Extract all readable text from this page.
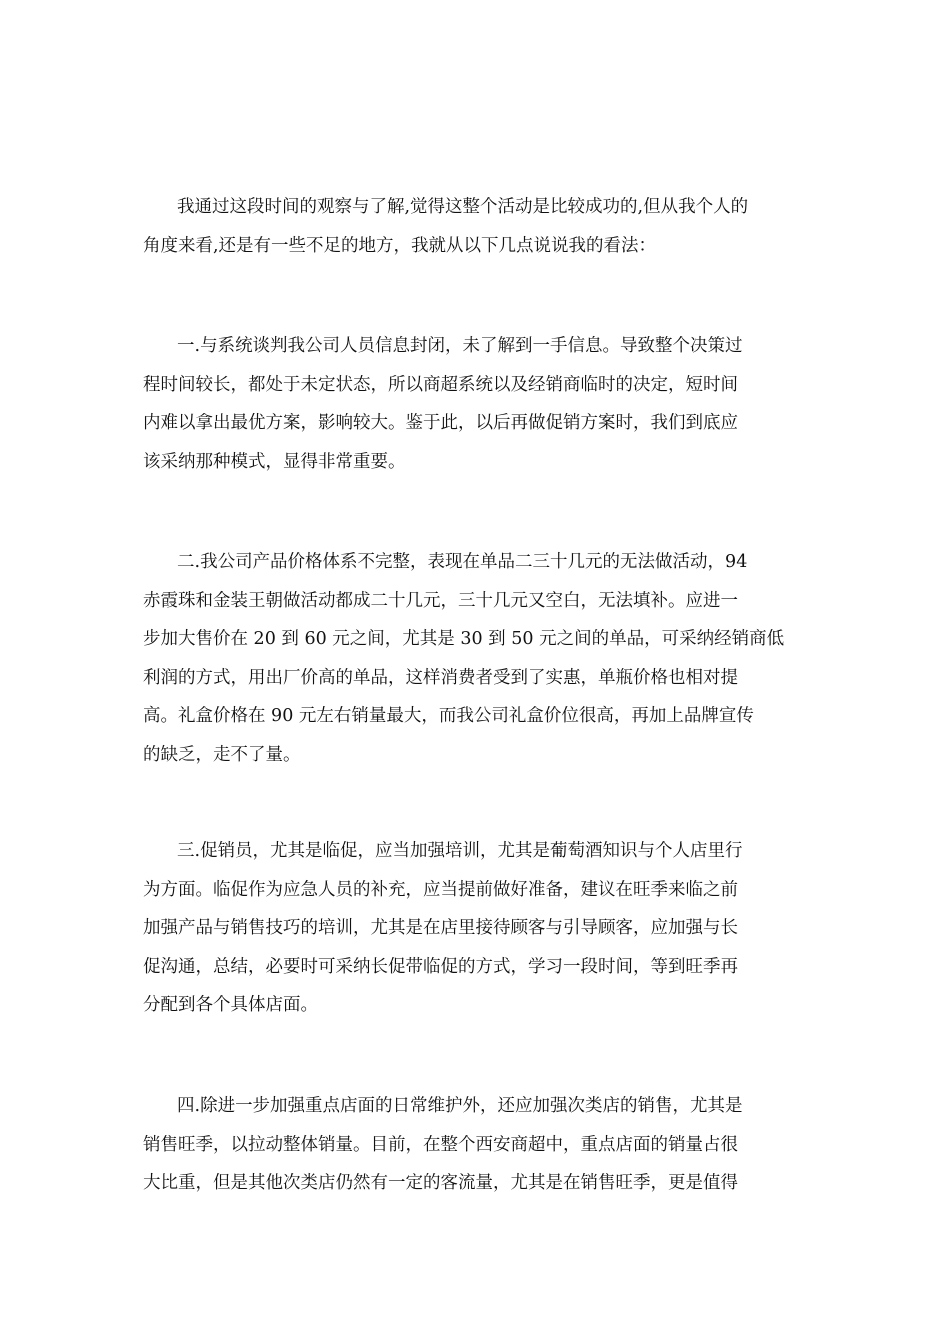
我通过这段时间的观察与了解,觉得这整个活动是比较成功的,但从我个人的
角度来看,还是有一些不足的地方，我就从以下几点说说我的看法：
一.与系统谈判我公司人员信息封闭，未了解到一手信息。导致整个决策过
程时间较长，都处于未定状态，所以商超系统以及经销商临时的决定，短时间
内难以拿出最优方案，影响较大。鉴于此，以后再做促销方案时，我们到底应
该采纳那种模式，显得非常重要。
二.我公司产品价格体系不完整，表现在单品二三十几元的无法做活动，94
赤霞珠和金装王朝做活动都成二十几元，三十几元又空白，无法填补。应进一
步加大售价在 20 到 60 元之间，尤其是 30 到 50 元之间的单品，可采纳经销商低
利润的方式，用出厂价高的单品，这样消费者受到了实惠，单瓶价格也相对提
高。礼盒价格在 90 元左右销量最大，而我公司礼盒价位很高，再加上品牌宣传
的缺乏，走不了量。
三.促销员，尤其是临促，应当加强培训，尤其是葡萄酒知识与个人店里行
为方面。临促作为应急人员的补充，应当提前做好准备，建议在旺季来临之前
加强产品与销售技巧的培训，尤其是在店里接待顾客与引导顾客，应加强与长
促沟通，总结，必要时可采纳长促带临促的方式，学习一段时间，等到旺季再
分配到各个具体店面。
四.除进一步加强重点店面的日常维护外，还应加强次类店的销售，尤其是
销售旺季，以拉动整体销量。目前，在整个西安商超中，重点店面的销量占很
大比重，但是其他次类店仍然有一定的客流量，尤其是在销售旺季，更是值得
